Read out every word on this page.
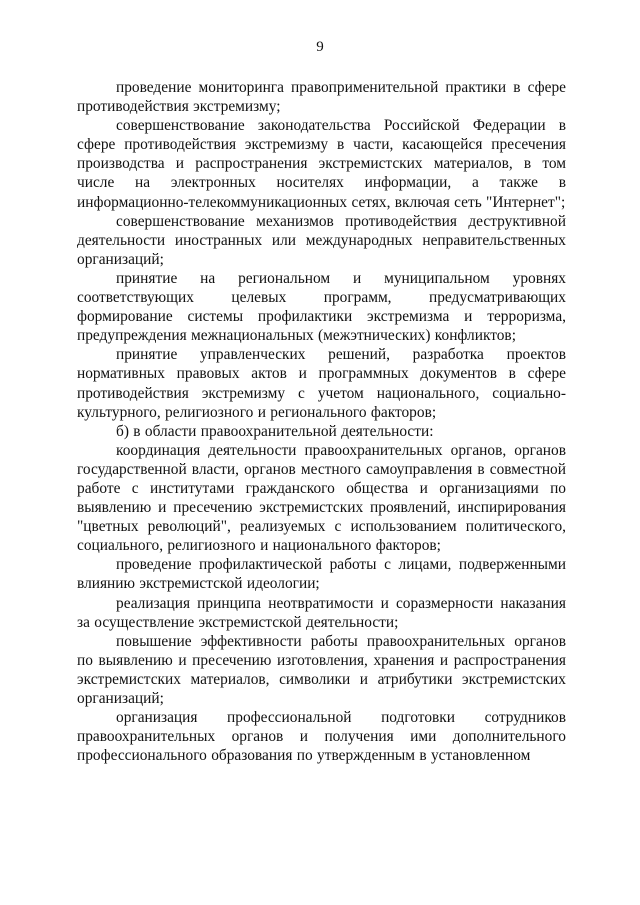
9

проведение мониторинга правоприменительной практики в сфере противодействия экстремизму;

совершенствование законодательства Российской Федерации в сфере противодействия экстремизму в части, касающейся пресечения производства и распространения экстремистских материалов, в том числе на электронных носителях информации, а также в информационно-телекоммуникационных сетях, включая сеть "Интернет";

совершенствование механизмов противодействия деструктивной деятельности иностранных или международных неправительственных организаций;

принятие на региональном и муниципальном уровнях соответствующих целевых программ, предусматривающих формирование системы профилактики экстремизма и терроризма, предупреждения межнациональных (межэтнических) конфликтов;

принятие управленческих решений, разработка проектов нормативных правовых актов и программных документов в сфере противодействия экстремизму с учетом национального, социально-культурного, религиозного и регионального факторов;

б) в области правоохранительной деятельности:

координация деятельности правоохранительных органов, органов государственной власти, органов местного самоуправления в совместной работе с институтами гражданского общества и организациями по выявлению и пресечению экстремистских проявлений, инспирирования "цветных революций", реализуемых с использованием политического, социального, религиозного и национального факторов;

проведение профилактической работы с лицами, подверженными влиянию экстремистской идеологии;

реализация принципа неотвратимости и соразмерности наказания за осуществление экстремистской деятельности;

повышение эффективности работы правоохранительных органов по выявлению и пресечению изготовления, хранения и распространения экстремистских материалов, символики и атрибутики экстремистских организаций;

организация профессиональной подготовки сотрудников правоохранительных органов и получения ими дополнительного профессионального образования по утвержденным в установленном
